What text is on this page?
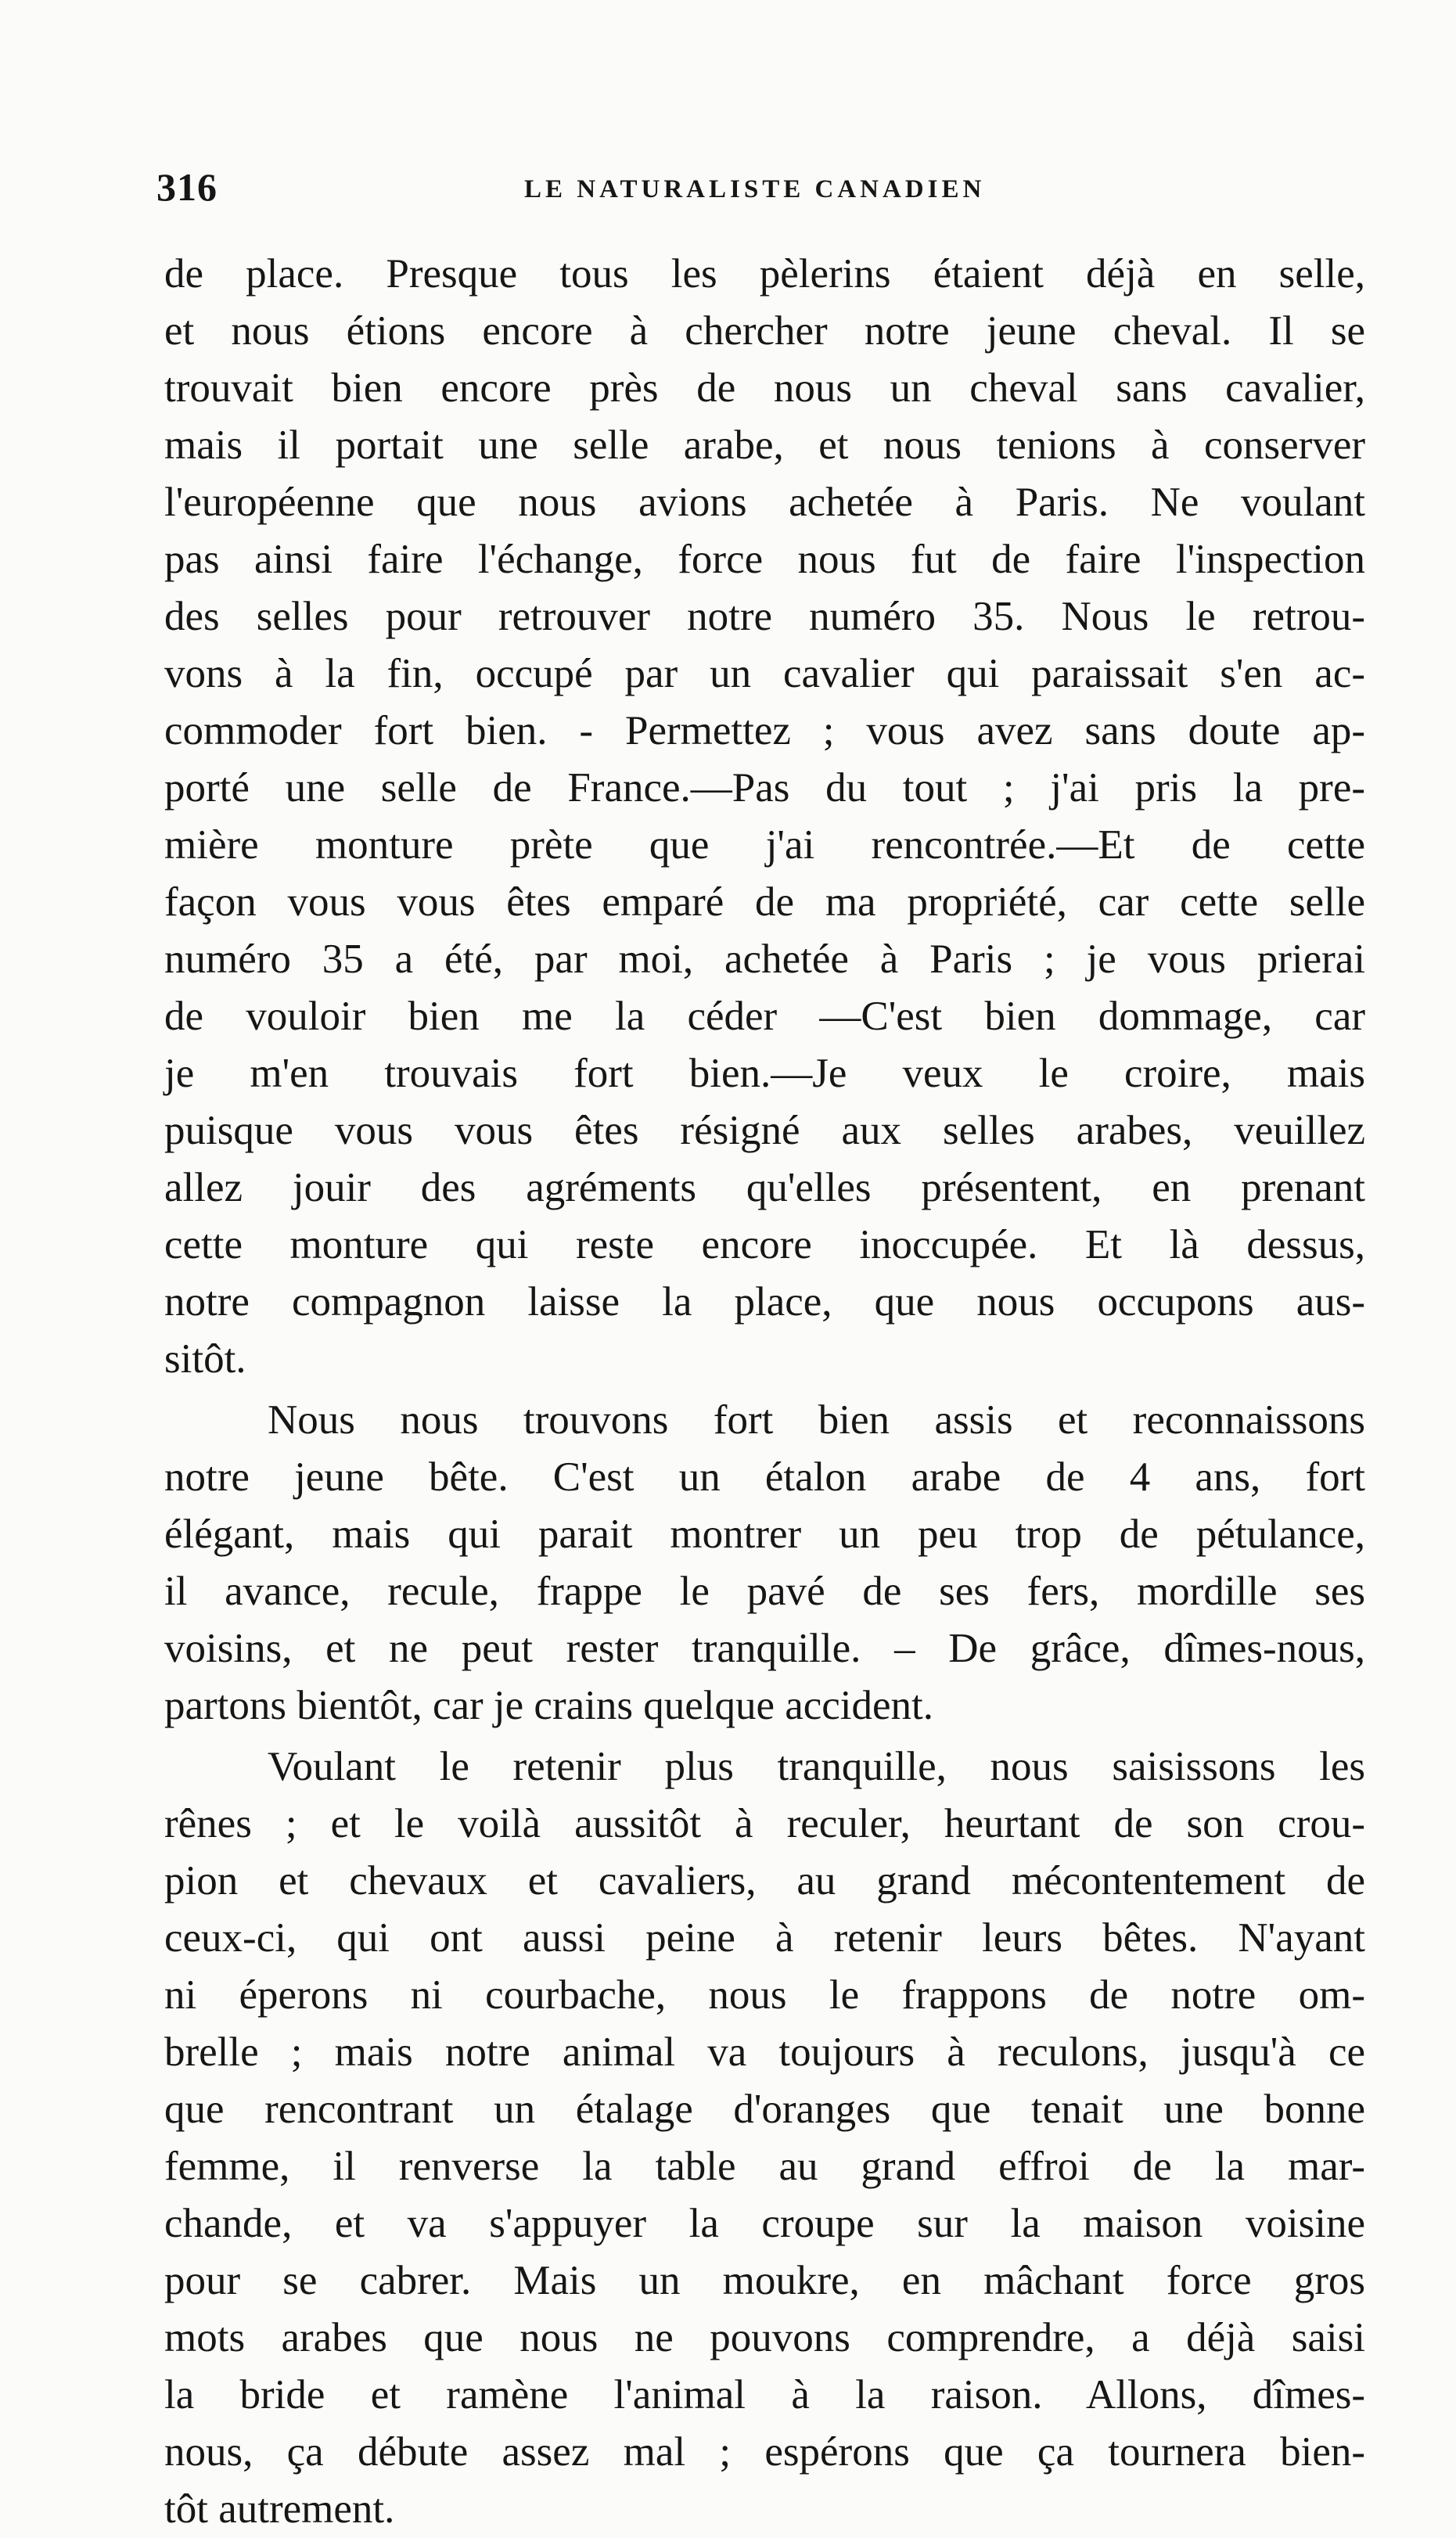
316	LE NATURALISTE CANADIEN
de place. Presque tous les pèlerins étaient déjà en selle,
et nous étions encore à chercher notre jeune cheval. Il se
trouvait bien encore près de nous un cheval sans cavalier,
mais il portait une selle arabe, et nous tenions à conserver
l'européenne que nous avions achetée à Paris. Ne voulant
pas ainsi faire l'échange, force nous fut de faire l'inspection
des selles pour retrouver notre numéro 35. Nous le retrou-
vons à la fin, occupé par un cavalier qui paraissait s'en ac-
commoder fort bien. - Permettez ; vous avez sans doute ap-
porté une selle de France.—Pas du tout ; j'ai pris la pre-
mière monture prète que j'ai rencontrée.—Et de cette
façon vous vous êtes emparé de ma propriété, car cette selle
numéro 35 a été, par moi, achetée à Paris ; je vous prierai
de vouloir bien me la céder —C'est bien dommage, car
je m'en trouvais fort bien.—Je veux le croire, mais
puisque vous vous êtes résigné aux selles arabes, veuillez
allez jouir des agréments qu'elles présentent, en prenant
cette monture qui reste encore inoccupée. Et là dessus,
notre compagnon laisse la place, que nous occupons aus-
sitôt.
Nous nous trouvons fort bien assis et reconnaissons
notre jeune bête. C'est un étalon arabe de 4 ans, fort
élégant, mais qui parait montrer un peu trop de pétulance,
il avance, recule, frappe le pavé de ses fers, mordille ses
voisins, et ne peut rester tranquille. – De grâce, dîmes-nous,
partons bientôt, car je crains quelque accident.
Voulant le retenir plus tranquille, nous saisissons les
rênes ; et le voilà aussitôt à reculer, heurtant de son crou-
pion et chevaux et cavaliers, au grand mécontentement de
ceux-ci, qui ont aussi peine à retenir leurs bêtes. N'ayant
ni éperons ni courbache, nous le frappons de notre om-
brelle ; mais notre animal va toujours à reculons, jusqu'à ce
que rencontrant un étalage d'oranges que tenait une bonne
femme, il renverse la table au grand effroi de la mar-
chande, et va s'appuyer la croupe sur la maison voisine
pour se cabrer. Mais un moukre, en mâchant force gros
mots arabes que nous ne pouvons comprendre, a déjà saisi
la bride et ramène l'animal à la raison. Allons, dîmes-
nous, ça débute assez mal ; espérons que ça tournera bien-
tôt autrement.
